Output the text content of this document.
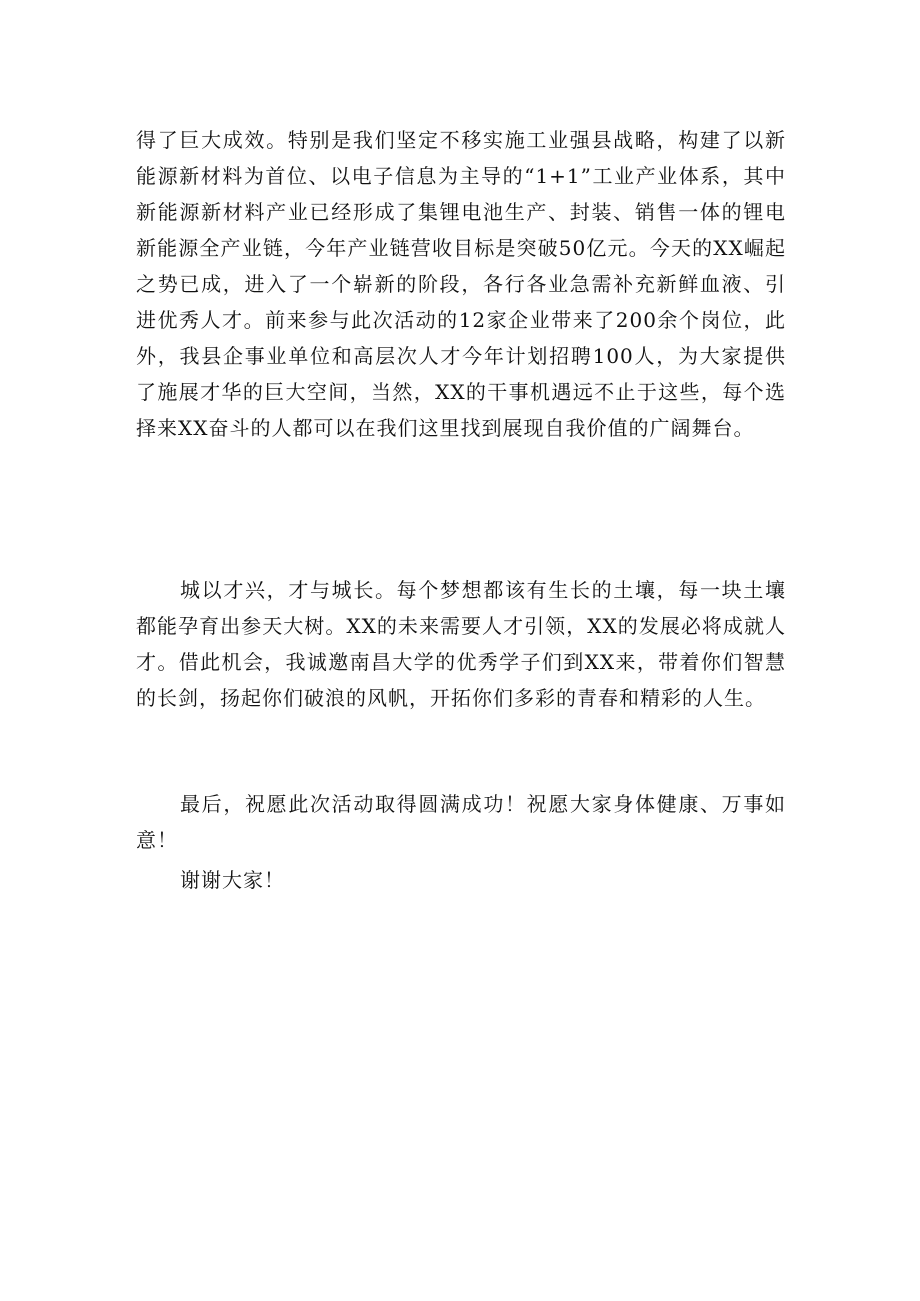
得了巨大成效。特别是我们坚定不移实施工业强县战略，构建了以新能源新材料为首位、以电子信息为主导的“1+1”工业产业体系，其中新能源新材料产业已经形成了集锂电池生产、封装、销售一体的锂电新能源全产业链，今年产业链营收目标是突破50亿元。今天的XX崛起之势已成，进入了一个崭新的阶段，各行各业急需补充新鲜血液、引进优秀人才。前来参与此次活动的12家企业带来了200余个岗位，此外，我县企事业单位和高层次人才今年计划招聘100人，为大家提供了施展才华的巨大空间，当然，XX的干事机遇远不止于这些，每个选择来XX奋斗的人都可以在我们这里找到展现自我价值的广阔舞台。

城以才兴，才与城长。每个梦想都该有生长的土壤，每一块土壤都能孕育出参天大树。XX的未来需要人才引领，XX的发展必将成就人才。借此机会，我诚邀南昌大学的优秀学子们到XX来，带着你们智慧的长剑，扬起你们破浪的风帆，开拓你们多彩的青春和精彩的人生。

最后，祝愿此次活动取得圆满成功！祝愿大家身体健康、万事如意！

谢谢大家！
